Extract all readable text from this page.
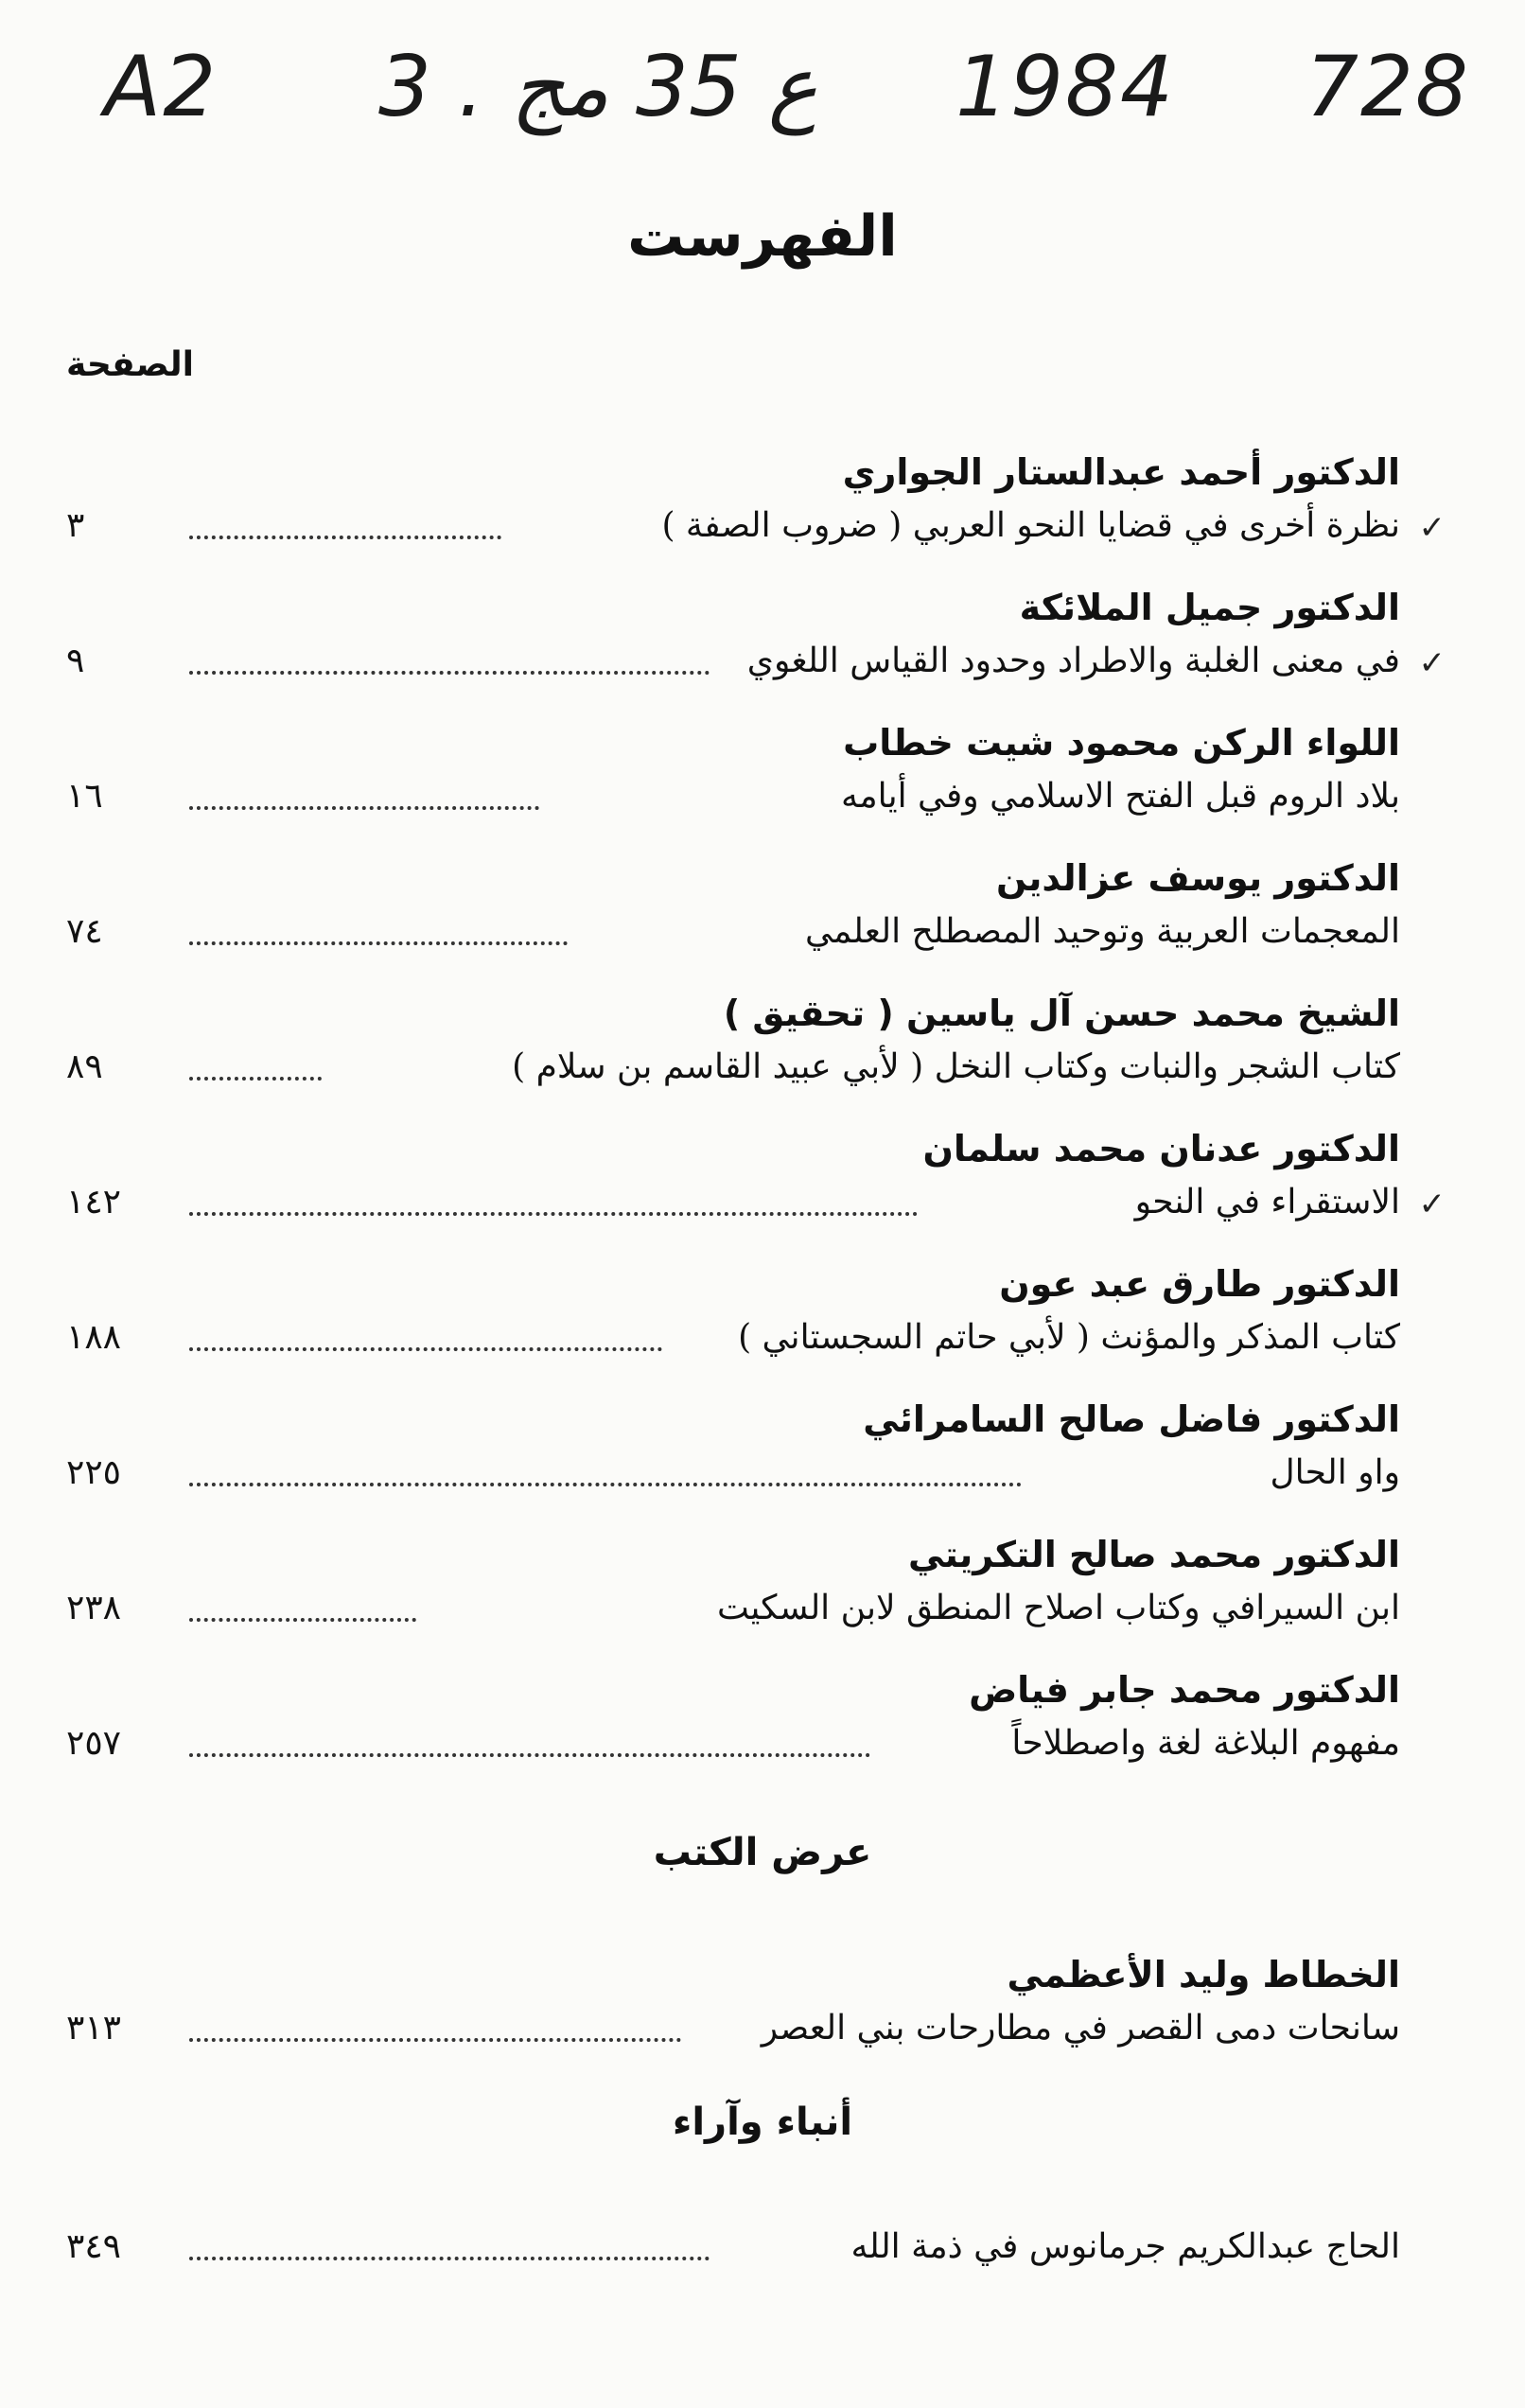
A2 3 . ع 35 مج 1984 728
الفهرست
الصفحة
الدكتور أحمد عبدالستار الجواري
نظرة أخرى في قضايا النحو العربي ( ضروب الصفة )
٣	✓
الدكتور جميل الملائكة
في معنى الغلبة والاطراد وحدود القياس اللغوي
٩	✓
اللواء الركن محمود شيت خطاب
بلاد الروم قبل الفتح الاسلامي وفي أيامه
١٦
الدكتور يوسف عزالدين
المعجمات العربية وتوحيد المصطلح العلمي
٧٤
الشيخ محمد حسن آل ياسين ( تحقيق )
كتاب الشجر والنبات وكتاب النخل ( لأبي عبيد القاسم بن سلام )
٨٩
الدكتور عدنان محمد سلمان
الاستقراء في النحو
١٤٢	✓
الدكتور طارق عبد عون
كتاب المذكر والمؤنث ( لأبي حاتم السجستاني )
١٨٨
الدكتور فاضل صالح السامرائي
واو الحال
٢٢٥
الدكتور محمد صالح التكريتي
ابن السيرافي وكتاب اصلاح المنطق لابن السكيت
٢٣٨
الدكتور محمد جابر فياض
مفهوم البلاغة لغة واصطلاحاً
٢٥٧
عرض الكتب
الخطاط وليد الأعظمي
سانحات دمى القصر في مطارحات بني العصر
٣١٣
أنباء وآراء
الحاج عبدالكريم جرمانوس في ذمة الله
٣٤٩
